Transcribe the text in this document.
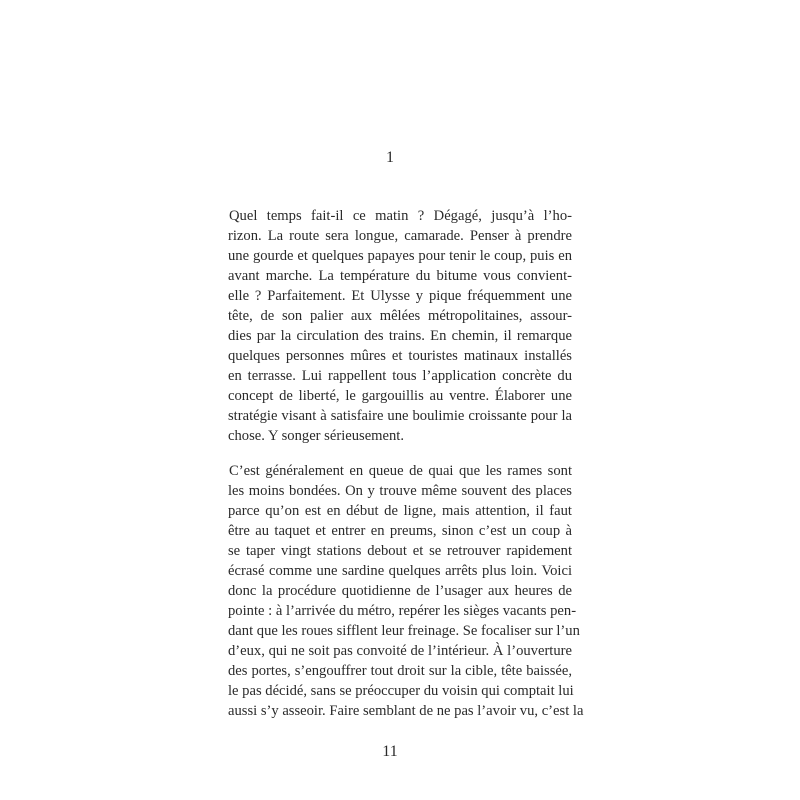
1
Quel temps fait-il ce matin ? Dégagé, jusqu’à l’ho-
rizon. La route sera longue, camarade. Penser à prendre
une gourde et quelques papayes pour tenir le coup, puis en
avant marche. La température du bitume vous convient-
elle ? Parfaitement. Et Ulysse y pique fréquemment une
tête, de son palier aux mêlées métropolitaines, assour-
dies par la circulation des trains. En chemin, il remarque
quelques personnes mûres et touristes matinaux installés
en terrasse. Lui rappellent tous l’application concrète du
concept de liberté, le gargouillis au ventre. Élaborer une
stratégie visant à satisfaire une boulimie croissante pour la
chose. Y songer sérieusement.
C’est généralement en queue de quai que les rames sont
les moins bondées. On y trouve même souvent des places
parce qu’on est en début de ligne, mais attention, il faut
être au taquet et entrer en preums, sinon c’est un coup à
se taper vingt stations debout et se retrouver rapidement
écrasé comme une sardine quelques arrêts plus loin. Voici
donc la procédure quotidienne de l’usager aux heures de
pointe : à l’arrivée du métro, repérer les sièges vacants pen-
dant que les roues sifflent leur freinage. Se focaliser sur l’un
d’eux, qui ne soit pas convoité de l’intérieur. À l’ouverture
des portes, s’engouffrer tout droit sur la cible, tête baissée,
le pas décidé, sans se préoccuper du voisin qui comptait lui
aussi s’y asseoir. Faire semblant de ne pas l’avoir vu, c’est la
11
